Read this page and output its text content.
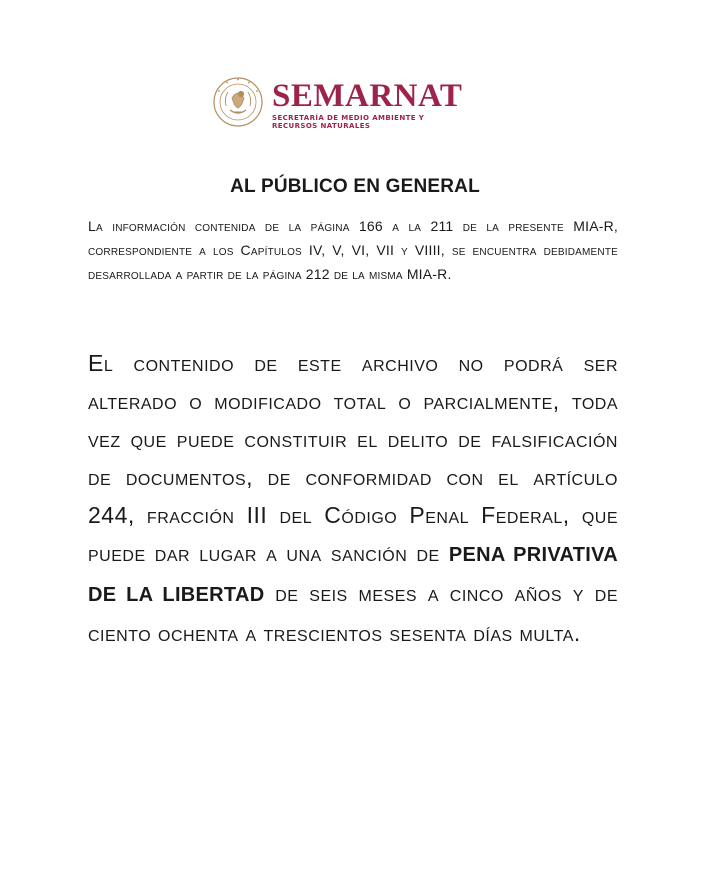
SEMARNAT
SECRETARÍA DE MEDIO AMBIENTE Y
RECURSOS NATURALES
AL PÚBLICO EN GENERAL
La información contenida de la página 166 a la 211 de la presente MIA-R, correspondiente a los Capítulos IV, V, VI, VII y VIIII, se encuentra debidamente desarrollada a partir de la página 212 de la misma MIA-R.
El contenido de este archivo no podrá ser alterado o modificado total o parcialmente, toda vez que puede constituir el delito de falsificación de documentos, de conformidad con el artículo 244, fracción III del Código Penal Federal, que puede dar lugar a una sanción de PENA PRIVATIVA DE LA LIBERTAD de seis meses a cinco años y de ciento ochenta a trescientos sesenta días multa.
